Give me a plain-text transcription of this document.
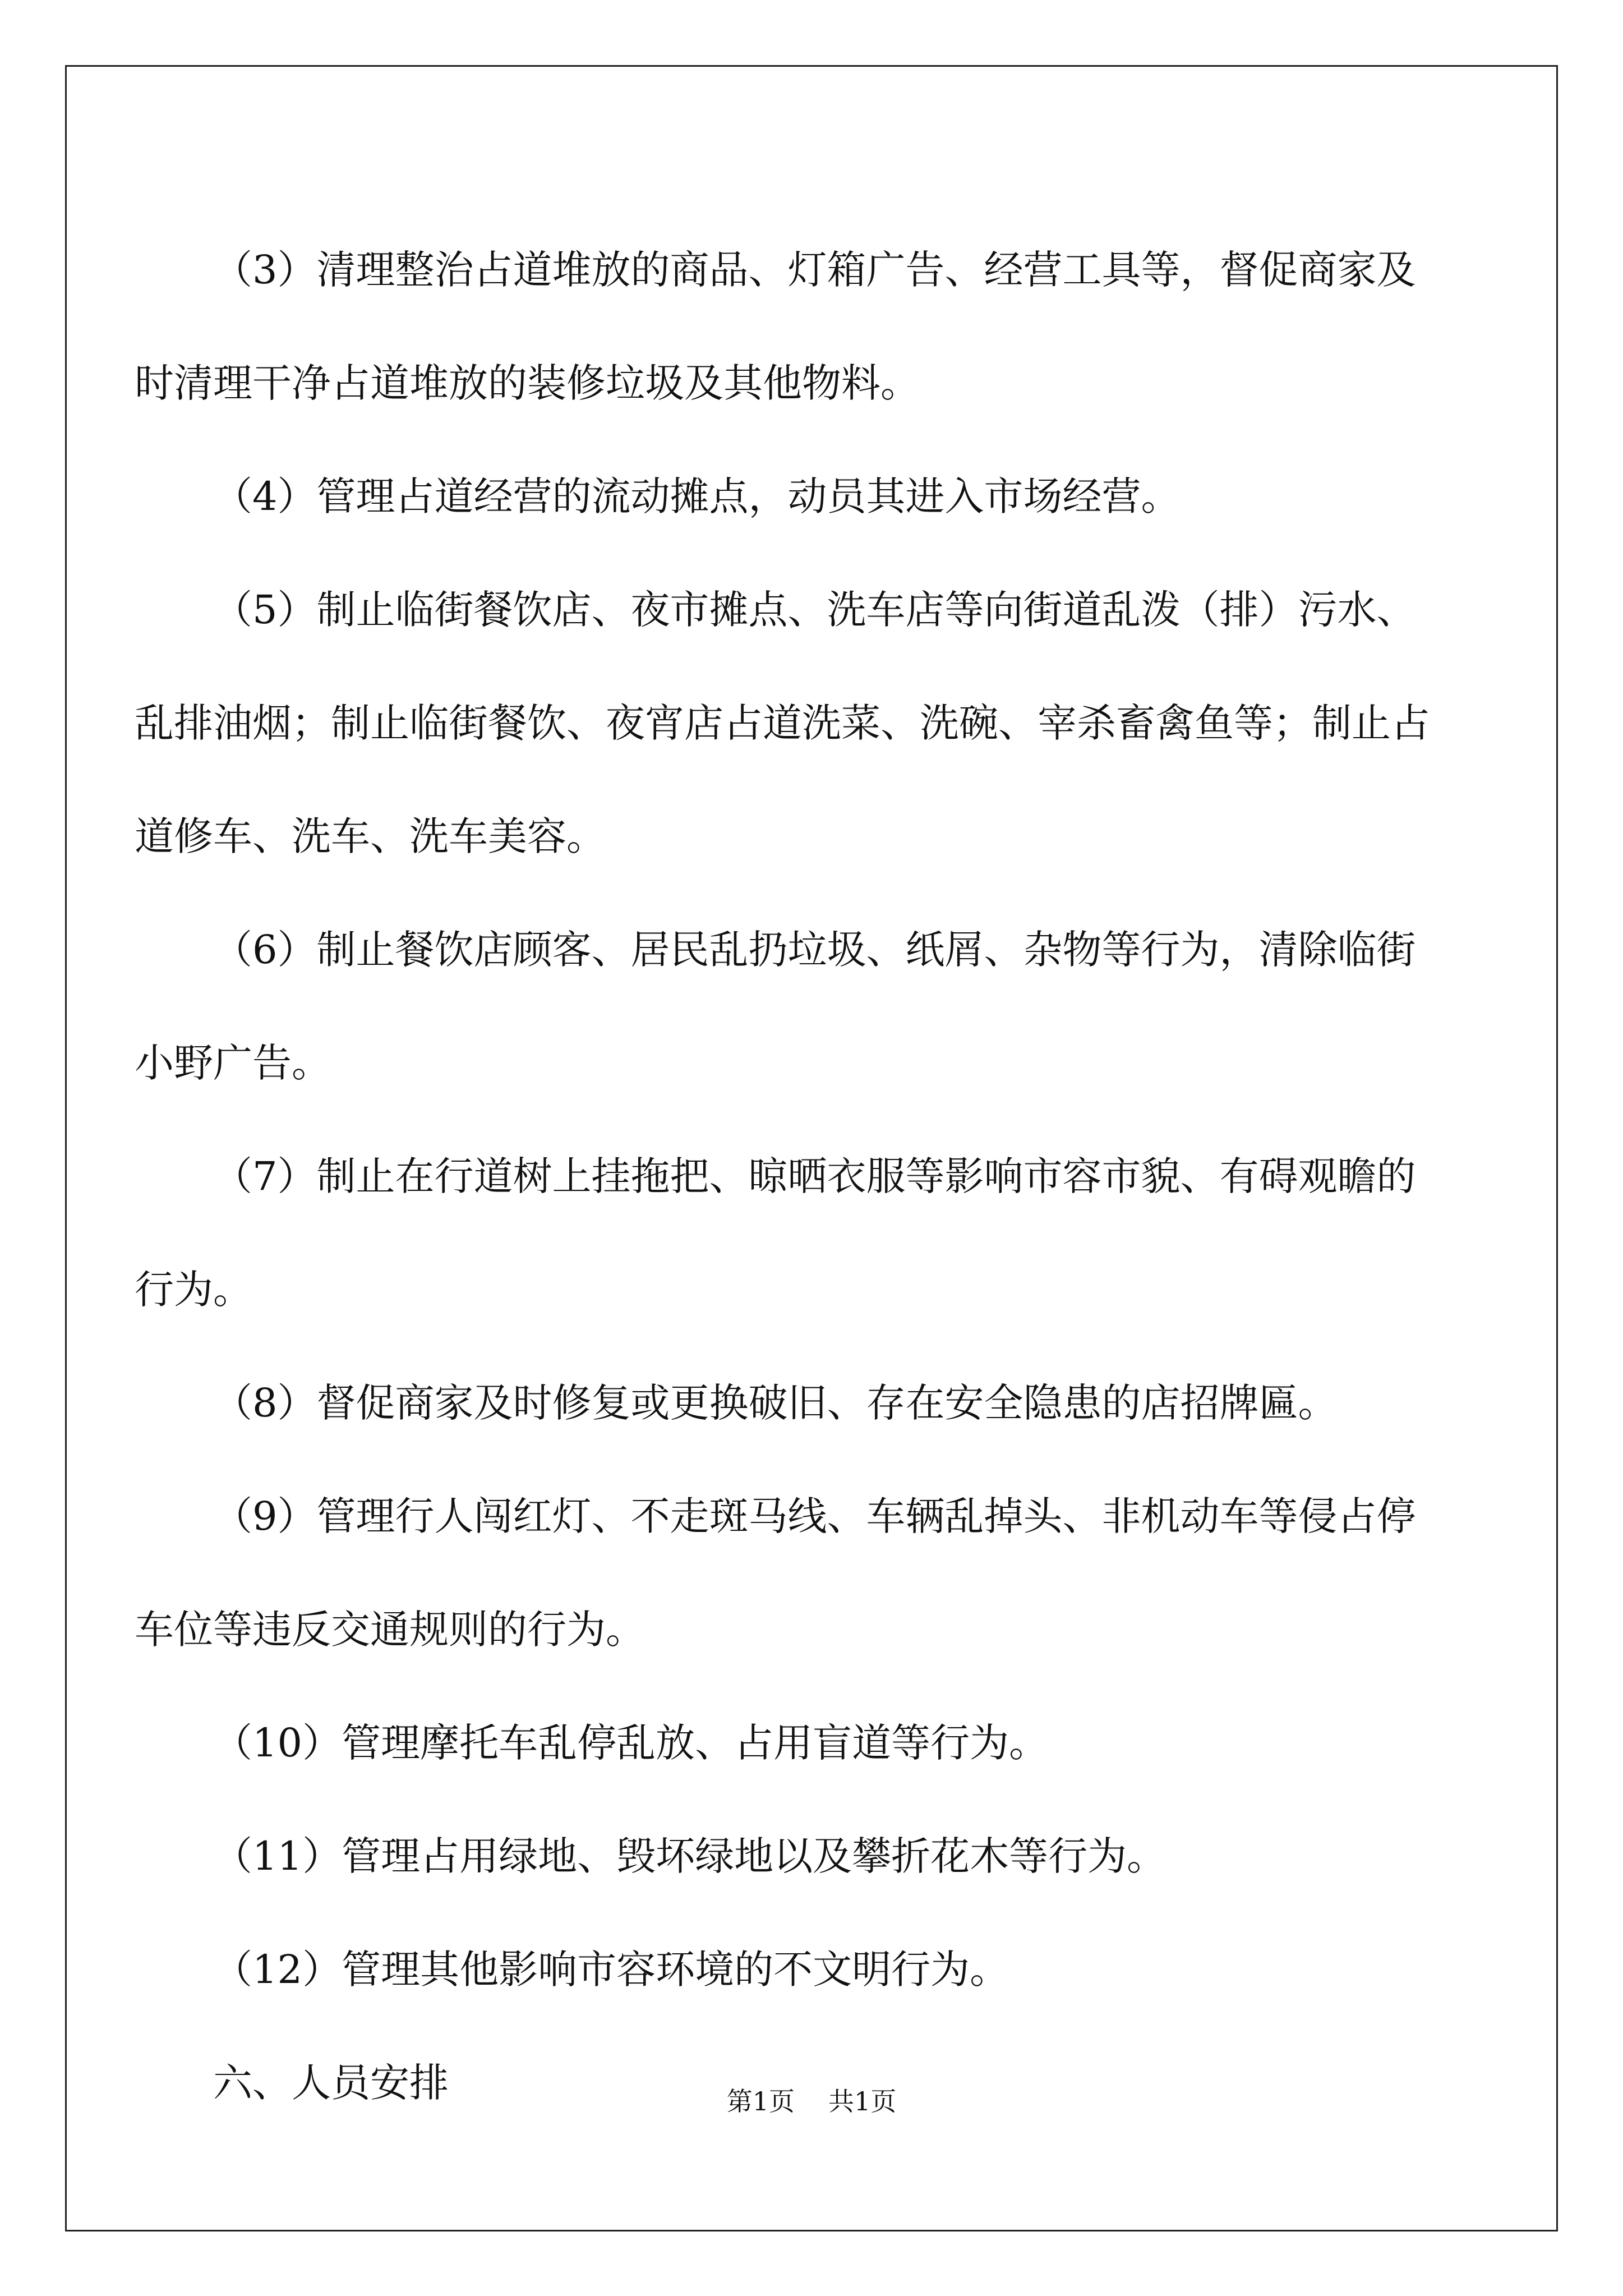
（3）清理整治占道堆放的商品、灯箱广告、经营工具等，督促商家及时清理干净占道堆放的装修垃圾及其他物料。

（4）管理占道经营的流动摊点，动员其进入市场经营。

（5）制止临街餐饮店、夜市摊点、洗车店等向街道乱泼（排）污水、乱排油烟；制止临街餐饮、夜宵店占道洗菜、洗碗、宰杀畜禽鱼等；制止占道修车、洗车、洗车美容。

（6）制止餐饮店顾客、居民乱扔垃圾、纸屑、杂物等行为，清除临街小野广告。

（7）制止在行道树上挂拖把、晾晒衣服等影响市容市貌、有碍观瞻的行为。

（8）督促商家及时修复或更换破旧、存在安全隐患的店招牌匾。

（9）管理行人闯红灯、不走斑马线、车辆乱掉头、非机动车等侵占停车位等违反交通规则的行为。

（10）管理摩托车乱停乱放、占用盲道等行为。

（11）管理占用绿地、毁坏绿地以及攀折花木等行为。

（12）管理其他影响市容环境的不文明行为。

六、人员安排	第1页 共1页
